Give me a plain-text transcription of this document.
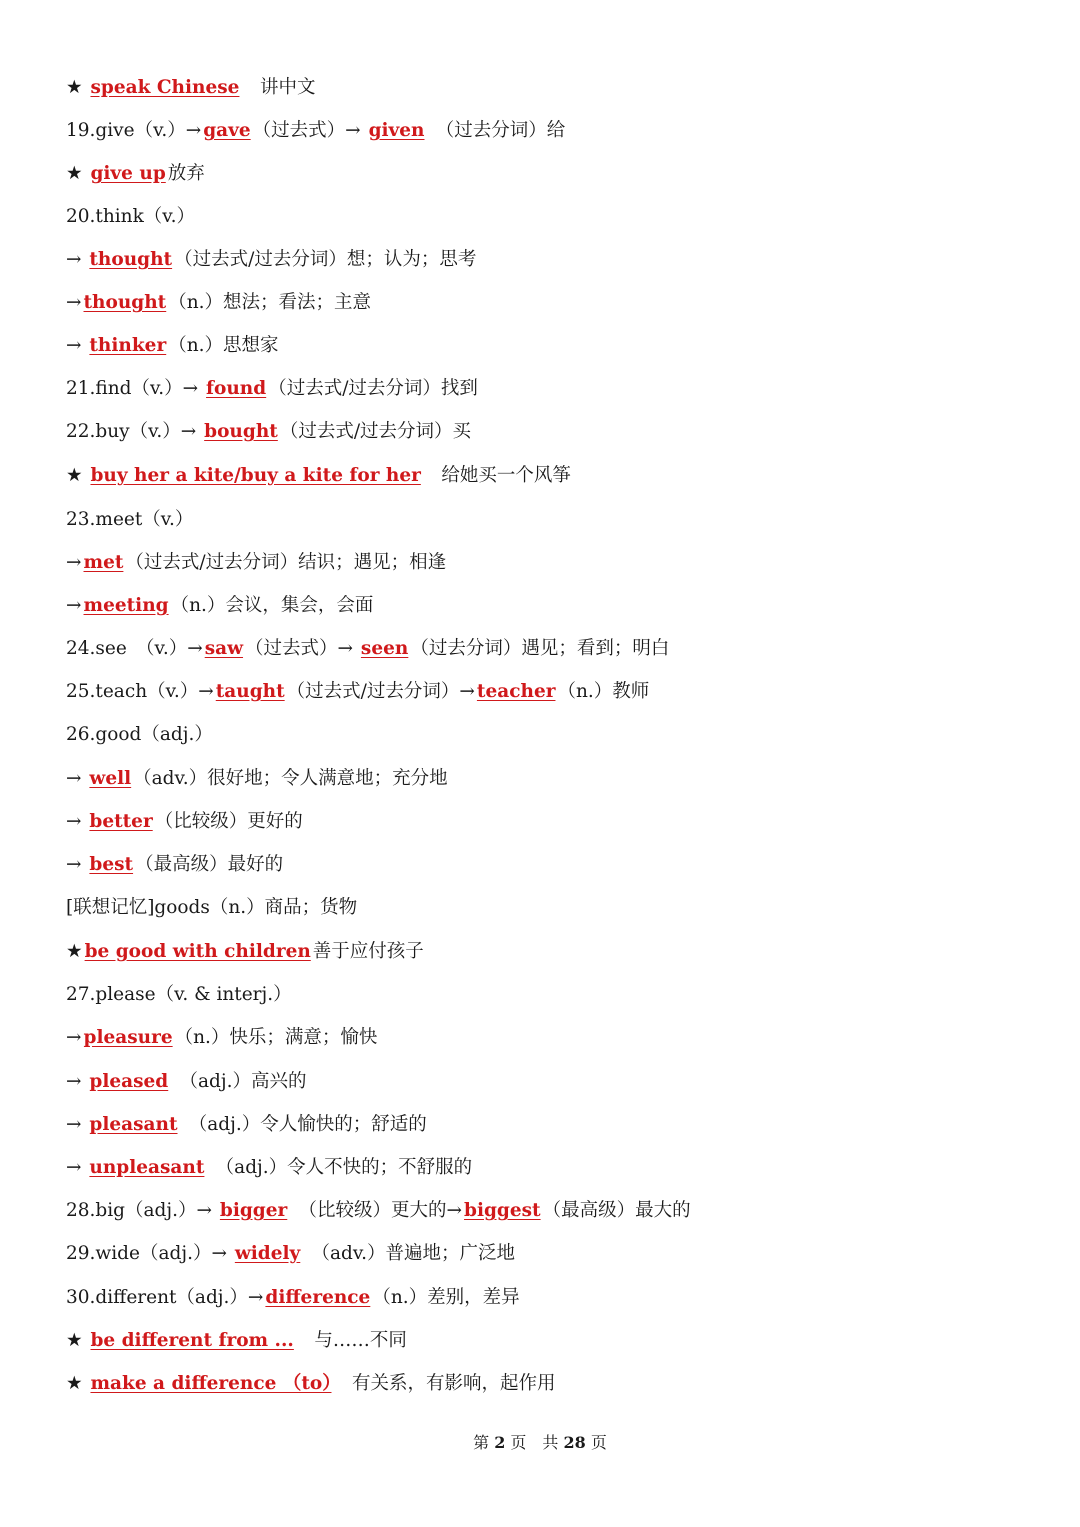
★ speak Chinese　讲中文
19.give（v.）→ gave （过去式）→ given　（过去分词）给
★ give up 放弃
20.think（v.）
→ thought （过去式/过去分词）想；认为；思考
→ thought （n.）想法；看法；主意
→ thinker （n.）思想家
21.find（v.）→ found （过去式/过去分词）找到
22.buy（v.）→ bought （过去式/过去分词）买
★ buy her a kite/buy a kite for her　给她买一个风筝
23.meet（v.）
→ met （过去式/过去分词）结识；遇见；相逢
→ meeting （n.）会议，集会，会面
24.see　（v.）→ saw （过去式）→ seen （过去分词）遇见；看到；明白
25.teach（v.）→ taught （过去式/过去分词）→ teacher （n.）教师
26.good（adj.）
→ well （adv.）很好地；令人满意地；充分地
→ better （比较级）更好的
→ best （最高级）最好的
[联想记忆]goods（n.）商品；货物
★ be good with children 善于应付孩子
27.please（v. & interj.）
→ pleasure （n.）快乐；满意；愉快
→ pleased　（adj.）高兴的
→ pleasant　（adj.）令人愉快的；舒适的
→ unpleasant　（adj.）令人不快的；不舒服的
28.big（adj.）→ bigger　（比较级）更大的→ biggest （最高级）最大的
29.wide（adj.）→ widely　（adv.）普遍地；广泛地
30.different（adj.）→ difference （n.）差别，差异
★ be different from ...　与……不同
★ make a difference （to）　有关系，有影响，起作用
第 2 页　共 28 页
